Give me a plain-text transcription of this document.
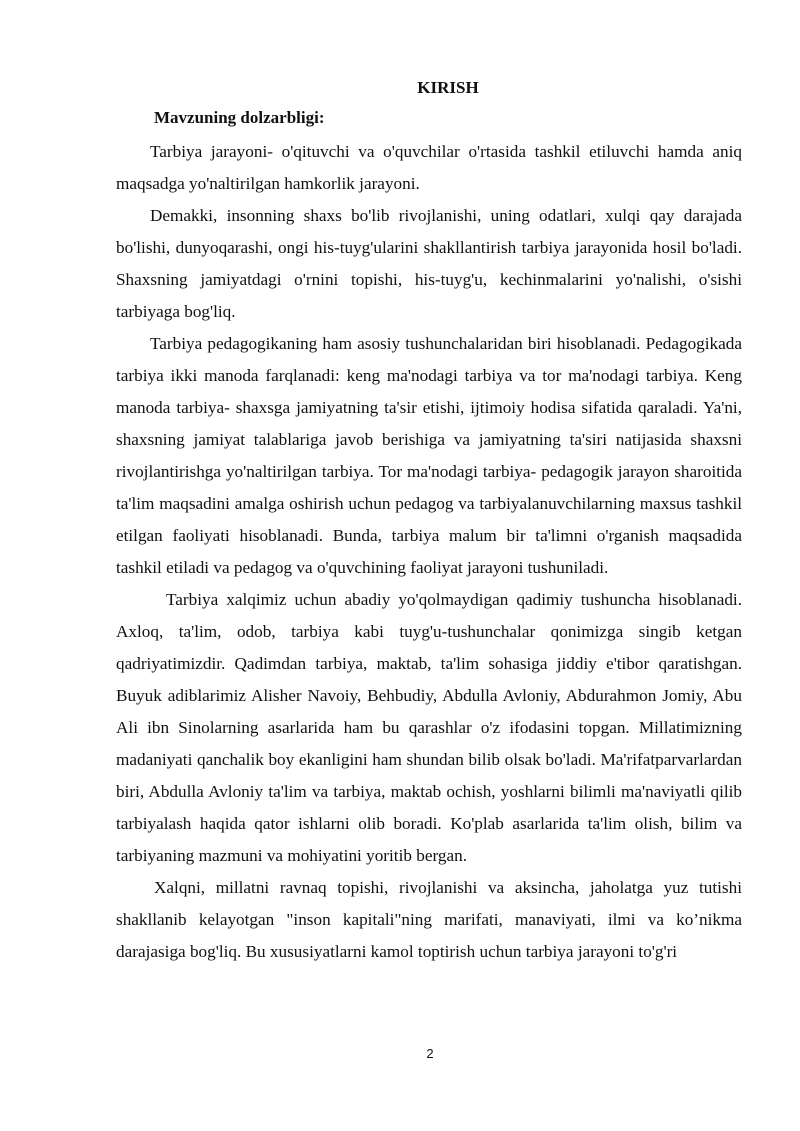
KIRISH
Mavzuning dolzarbligi:

Tarbiya jarayoni- o'qituvchi va o'quvchilar o'rtasida tashkil etiluvchi hamda aniq maqsadga yo'naltirilgan hamkorlik jarayoni.

Demakki, insonning shaxs bo'lib rivojlanishi, uning odatlari, xulqi qay darajada bo'lishi, dunyoqarashi, ongi his-tuyg'ularini shakllantirish tarbiya jarayonida hosil bo'ladi. Shaxsning jamiyatdagi o'rnini topishi, his-tuyg'u, kechinmalarini yo'nalishi, o'sishi tarbiyaga bog'liq.

Tarbiya pedagogikaning ham asosiy tushunchalaridan biri hisoblanadi. Pedagogikada tarbiya ikki manoda farqlanadi: keng ma'nodagi tarbiya va tor ma'nodagi tarbiya. Keng manoda tarbiya- shaxsga jamiyatning ta'sir etishi, ijtimoiy hodisa sifatida qaraladi. Ya'ni, shaxsning jamiyat talablariga javob berishiga va jamiyatning ta'siri natijasida shaxsni rivojlantirishga yo'naltirilgan tarbiya. Tor ma'nodagi tarbiya- pedagogik jarayon sharoitida ta'lim maqsadini amalga oshirish uchun pedagog va tarbiyalanuvchilarning maxsus tashkil etilgan faoliyati hisoblanadi. Bunda, tarbiya malum bir ta'limni o'rganish maqsadida tashkil etiladi va pedagog va o'quvchining faoliyat jarayoni tushuniladi.

Tarbiya xalqimiz uchun abadiy yo'qolmaydigan qadimiy tushuncha hisoblanadi. Axloq, ta'lim, odob, tarbiya kabi tuyg'u-tushunchalar qonimizga singib ketgan qadriyatimizdir. Qadimdan tarbiya, maktab, ta'lim sohasiga jiddiy e'tibor qaratishgan. Buyuk adiblarimiz Alisher Navoiy, Behbudiy, Abdulla Avloniy, Abdurahmon Jomiy, Abu Ali ibn Sinolarning asarlarida ham bu qarashlar o'z ifodasini topgan. Millatimizning madaniyati qanchalik boy ekanligini ham shundan bilib olsak bo'ladi. Ma'rifatparvarlardan biri, Abdulla Avloniy ta'lim va tarbiya, maktab ochish, yoshlarni bilimli ma'naviyatli qilib tarbiyalash haqida qator ishlarni olib boradi. Ko'plab asarlarida ta'lim olish, bilim va tarbiyaning mazmuni va mohiyatini yoritib bergan.

Xalqni, millatni ravnaq topishi, rivojlanishi va aksincha, jaholatga yuz tutishi shakllanib kelayotgan "inson kapitali"ning marifati, manaviyati, ilmi va ko’nikma darajasiga bog'liq. Bu xususiyatlarni kamol toptirish uchun tarbiya jarayoni to'g'ri

2
